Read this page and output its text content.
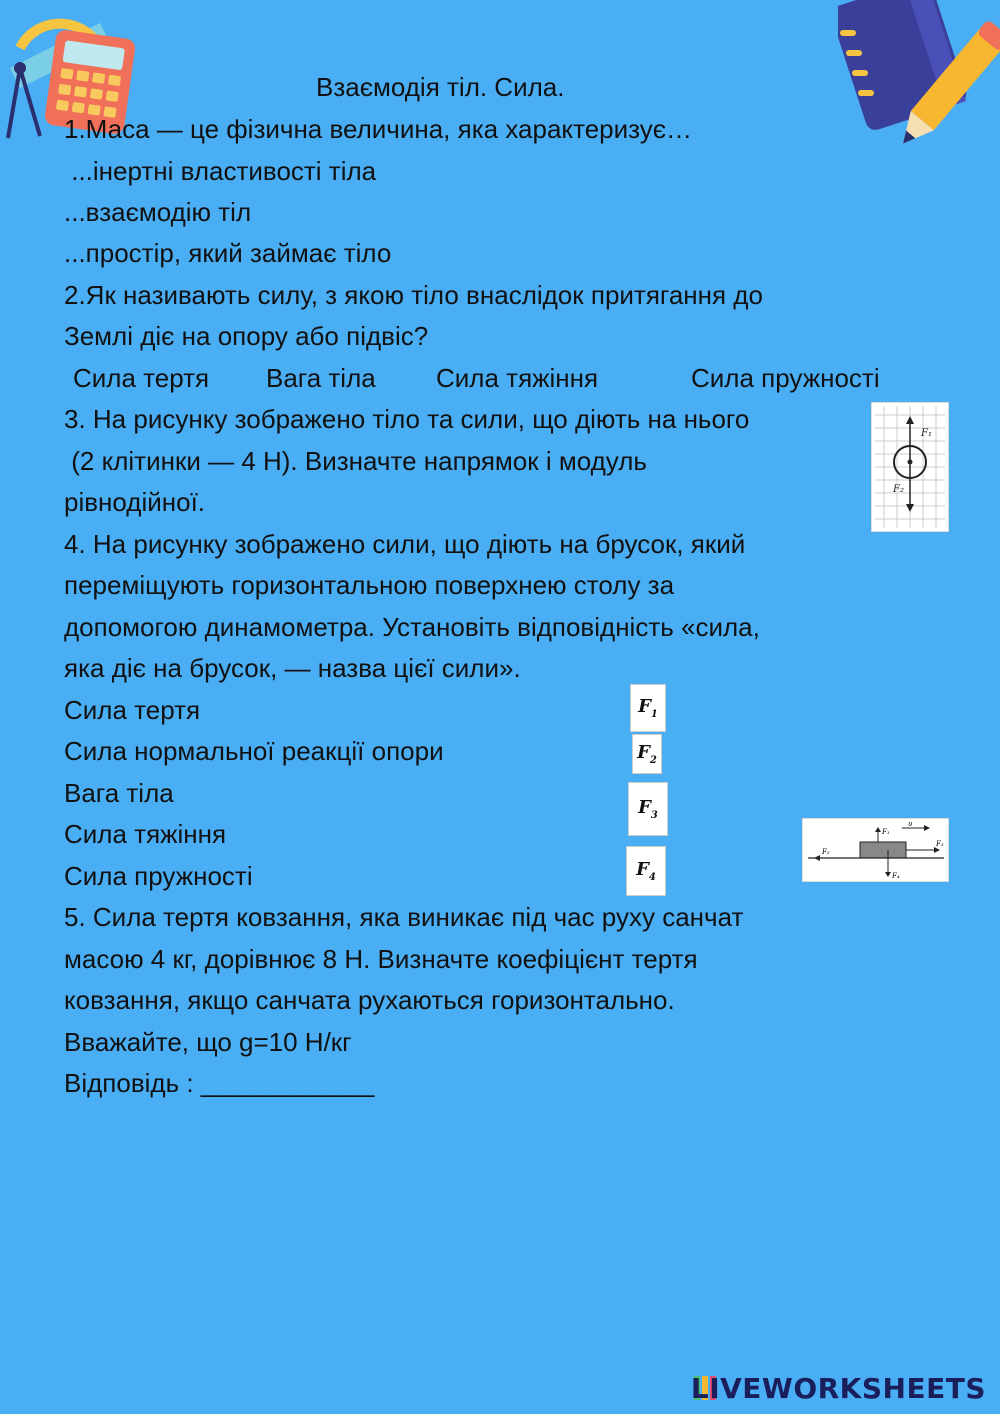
Взаємодія тіл. Сила.
1.Маса — це фізична величина, яка характеризує…
...інертні властивості тіла
...взаємодію тіл
...простір, який займає тіло
2.Як називають силу, з якою тіло внаслідок притягання до
Землі діє на опору або підвіс?
Сила тертя Вага тіла Сила тяжіння	Сила пружності
3. На рисунку зображено тіло та сили, що діють на нього
(2 клітинки — 4 Н). Визначте напрямок і модуль
рівнодійної.
F₁
F₂
4. На рисунку зображено сили, що діють на брусок, який
переміщують горизонтальною поверхнею столу за
допомогою динамометра. Установіть відповідність «сила,
яка діє на брусок, — назва цієї сили».
Сила тертя
Сила нормальної реакції опори
Вага тіла
Сила тяжіння
Сила пружності
$F_1$
$F_2$
$F_3$
$F_4$
F₁
F₂
F₃
F₄
υ
5. Сила тертя ковзання, яка виникає під час руху санчат
масою 4 кг, дорівнює 8 Н. Визначте коефіцієнт тертя
ковзання, якщо санчата рухаються горизонтально.
Вважайте, що g=10 Н/кг
Відповідь : ____________
LIVEWORKSHEETS
